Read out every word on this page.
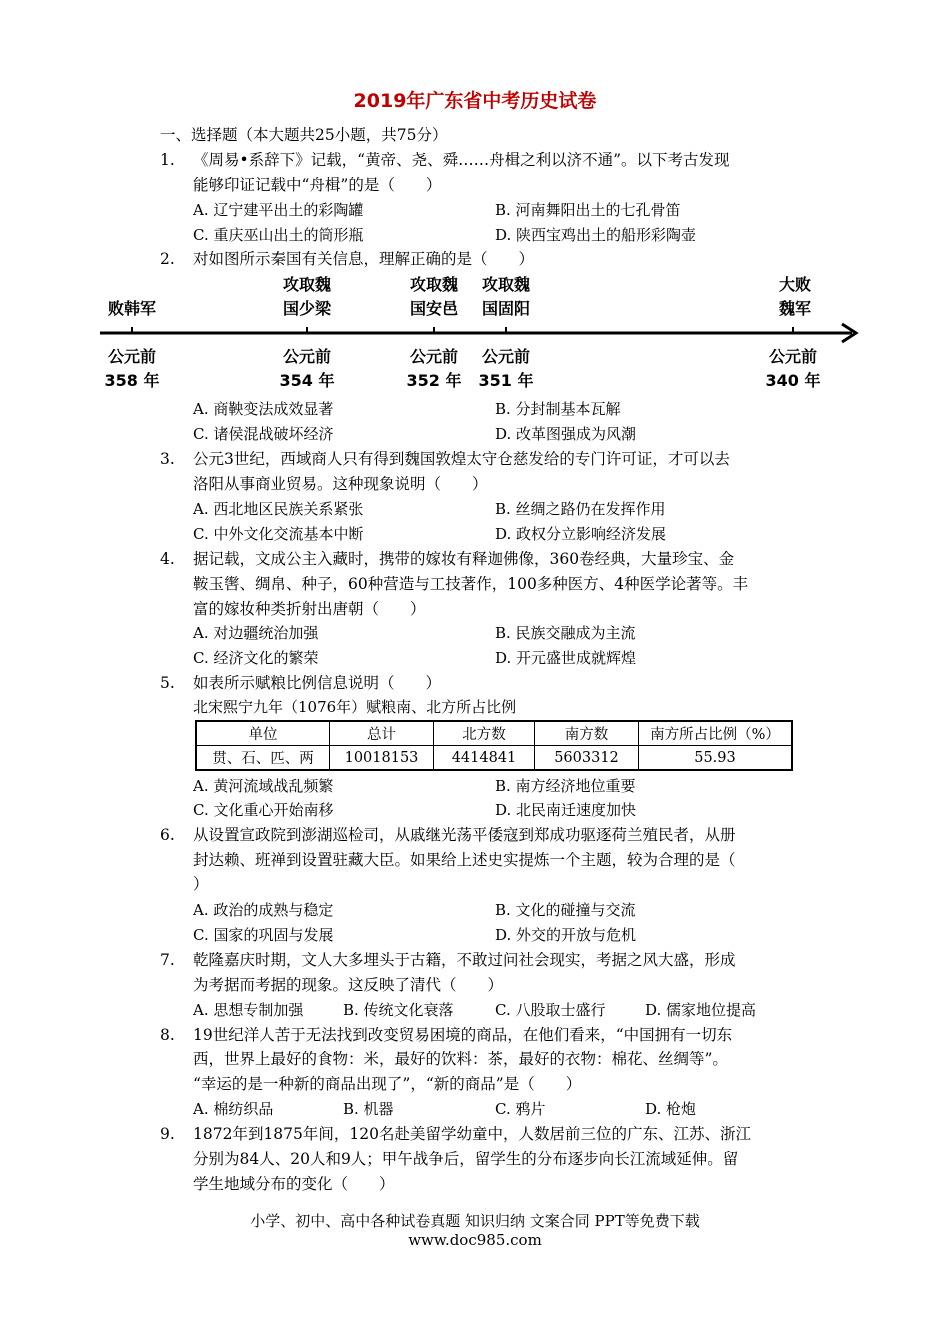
2019年广东省中考历史试卷
一、选择题（本大题共25小题，共75分）
1. 《周易•系辞下》记载，“黄帝、尧、舜……舟楫之利以济不通”。以下考古发现
能够印证记载中“舟楫”的是（　　）
A. 辽宁建平出土的彩陶罐	B. 河南舞阳出土的七孔骨笛
C. 重庆巫山出土的筒形瓶	D. 陕西宝鸡出土的船形彩陶壶
2. 对如图所示秦国有关信息，理解正确的是（　　）
败韩军
攻取魏
国少梁
攻取魏
国安邑
攻取魏
国固阳
大败
魏军
公元前
358 年
公元前
354 年
公元前
352 年
公元前
351 年
公元前
340 年
A. 商鞅变法成效显著	B. 分封制基本瓦解
C. 诸侯混战破坏经济	D. 改革图强成为风潮
3. 公元3世纪，西域商人只有得到魏国敦煌太守仓慈发给的专门许可证，才可以去
洛阳从事商业贸易。这种现象说明（　　）
A. 西北地区民族关系紧张	B. 丝绸之路仍在发挥作用
C. 中外文化交流基本中断	D. 政权分立影响经济发展
4. 据记载，文成公主入藏时，携带的嫁妆有释迦佛像，360卷经典，大量珍宝、金
鞍玉辔、绸帛、种子，60种营造与工技著作，100多种医方、4种医学论著等。丰
富的嫁妆种类折射出唐朝（　　）
A. 对边疆统治加强	B. 民族交融成为主流
C. 经济文化的繁荣	D. 开元盛世成就辉煌
5. 如表所示赋粮比例信息说明（　　）
北宋熙宁九年（1076年）赋粮南、北方所占比例
单位	总计	北方数	南方数	南方所占比例（%）
贯、石、匹、两	10018153	4414841	5603312	55.93
A. 黄河流域战乱频繁	B. 南方经济地位重要
C. 文化重心开始南移	D. 北民南迁速度加快
6. 从设置宣政院到澎湖巡检司，从戚继光荡平倭寇到郑成功驱逐荷兰殖民者，从册
封达赖、班禅到设置驻藏大臣。如果给上述史实提炼一个主题，较为合理的是（
）
A. 政治的成熟与稳定	B. 文化的碰撞与交流
C. 国家的巩固与发展	D. 外交的开放与危机
7. 乾隆嘉庆时期，文人大多埋头于古籍，不敢过问社会现实，考据之风大盛，形成
为考据而考据的现象。这反映了清代（　　）
A. 思想专制加强	B. 传统文化衰落	C. 八股取士盛行	D. 儒家地位提高
8. 19世纪洋人苦于无法找到改变贸易困境的商品，在他们看来，“中国拥有一切东
西，世界上最好的食物：米，最好的饮料：茶，最好的衣物：棉花、丝绸等”。
“幸运的是一种新的商品出现了”，“新的商品”是（　　）
A. 棉纺织品	B. 机器	C. 鸦片	D. 枪炮
9. 1872年到1875年间，120名赴美留学幼童中，人数居前三位的广东、江苏、浙江
分别为84人、20人和9人；甲午战争后，留学生的分布逐步向长江流域延伸。留
学生地域分布的变化（　　）
小学、初中、高中各种试卷真题 知识归纳 文案合同 PPT等免费下载
www.doc985.com
